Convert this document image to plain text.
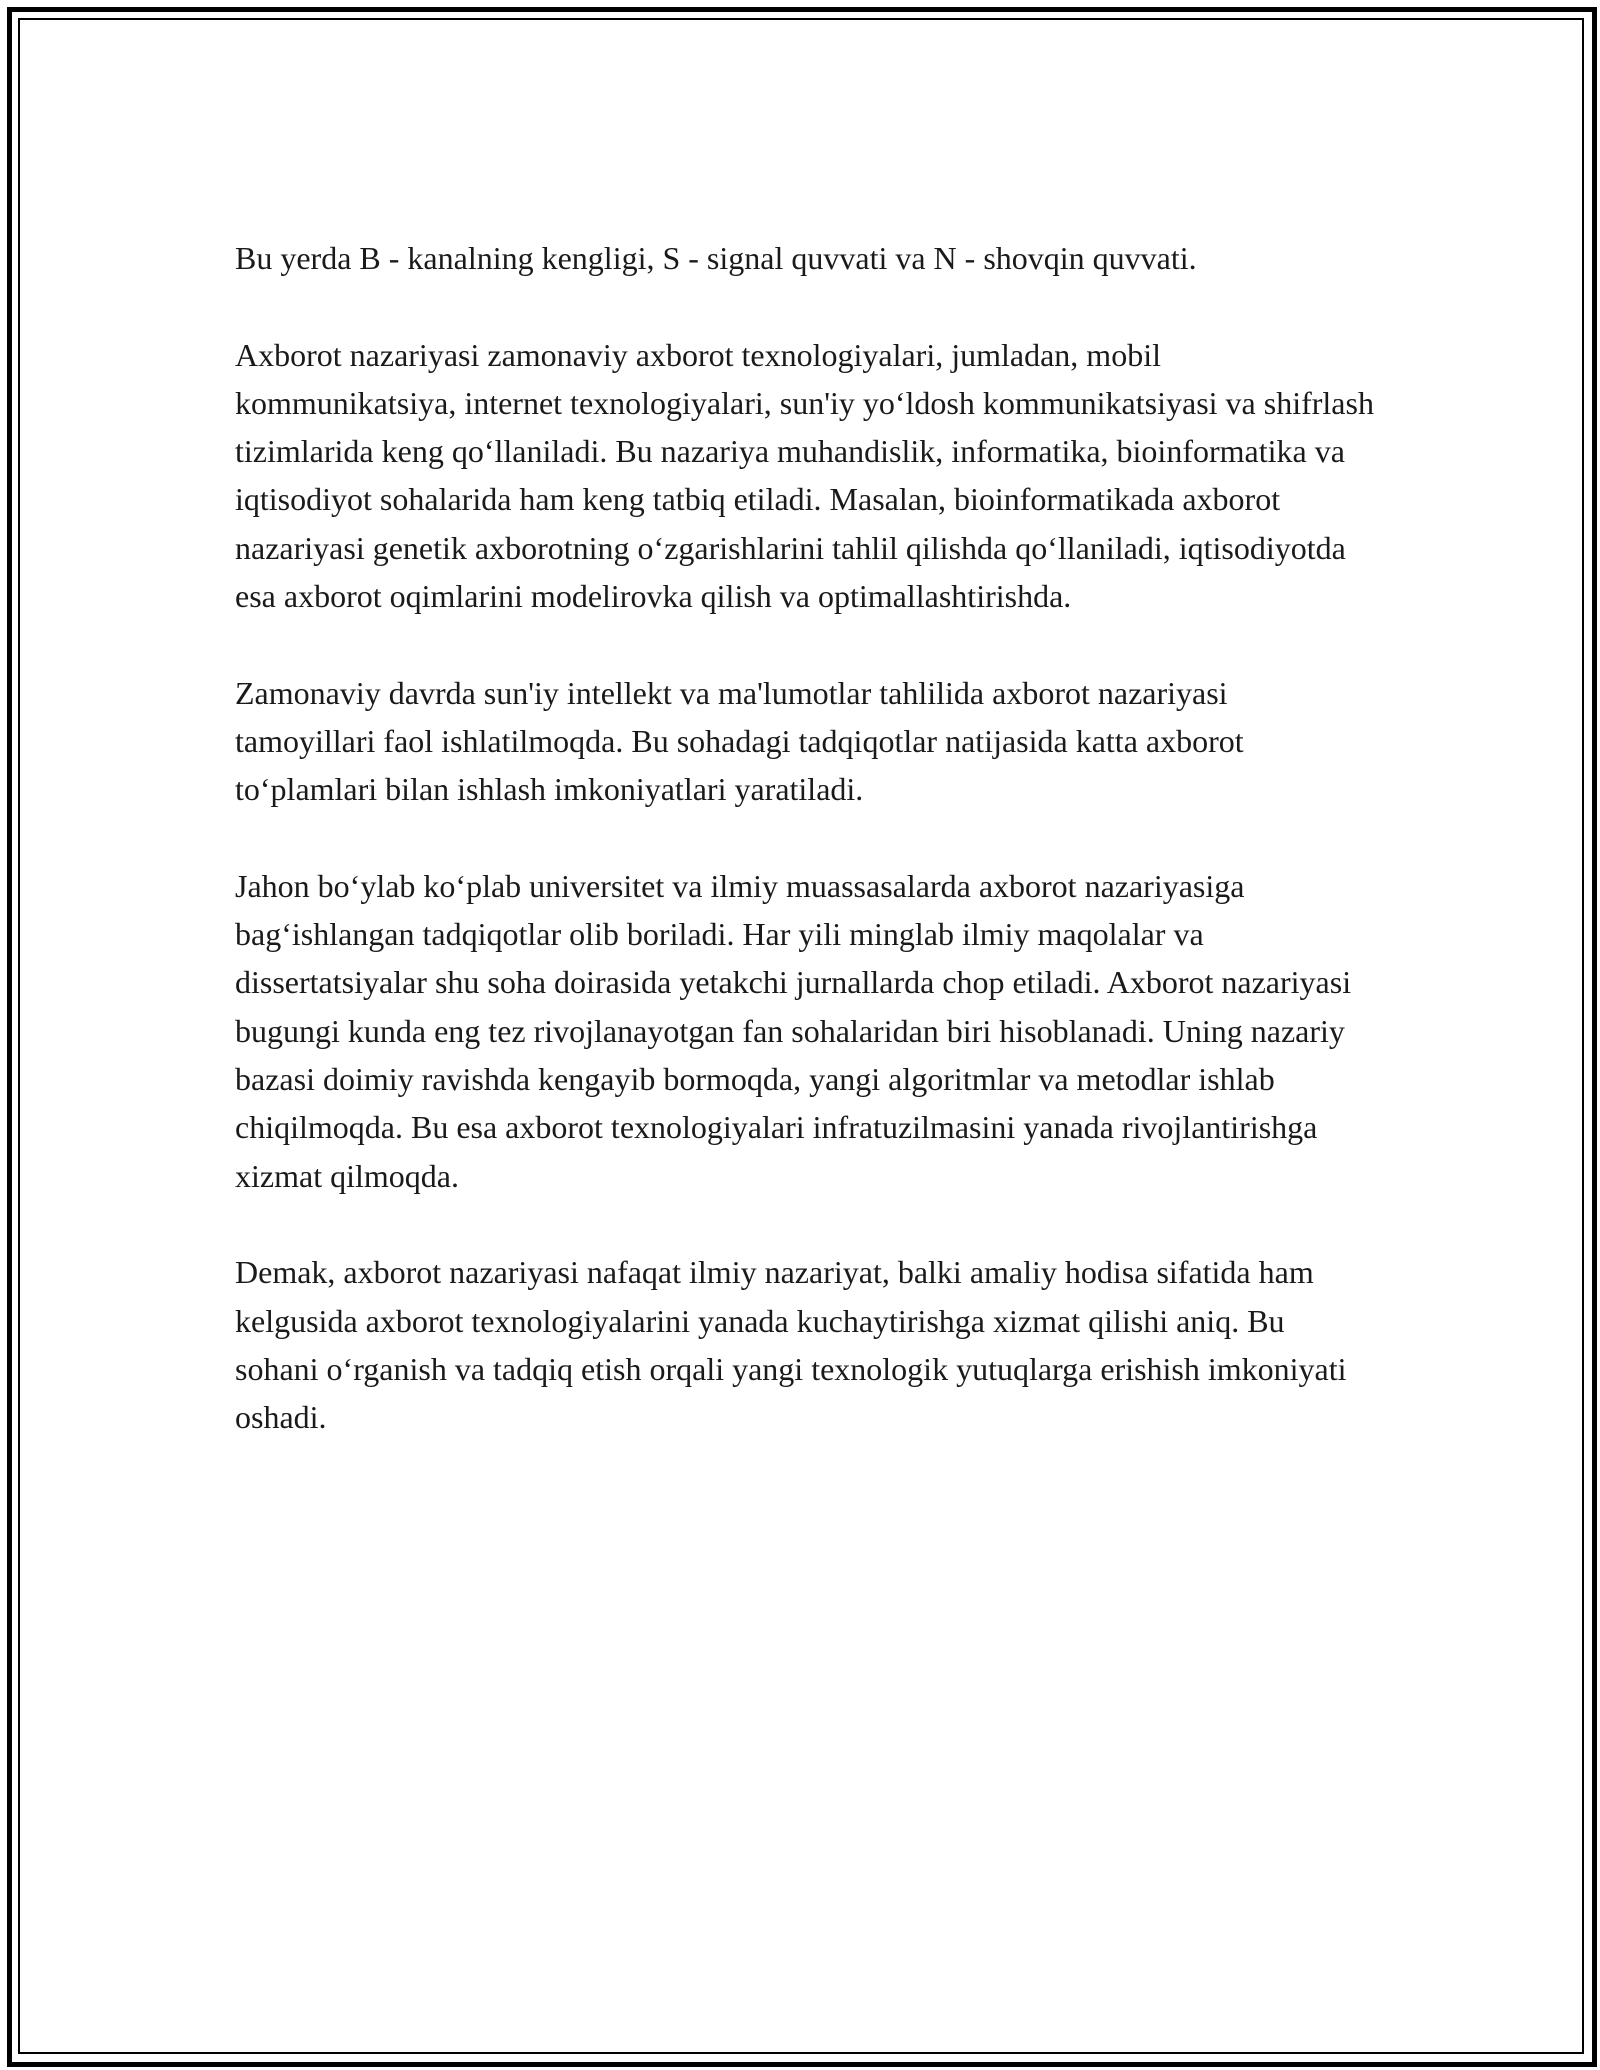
Bu yerda B - kanalning kengligi, S - signal quvvati va N - shovqin quvvati.

Axborot nazariyasi zamonaviy axborot texnologiyalari, jumladan, mobil kommunikatsiya, internet texnologiyalari, sun'iy yo‘ldosh kommunikatsiyasi va shifrlash tizimlarida keng qo‘llaniladi. Bu nazariya muhandislik, informatika, bioinformatika va iqtisodiyot sohalarida ham keng tatbiq etiladi. Masalan, bioinformatikada axborot nazariyasi genetik axborotning o‘zgarishlarini tahlil qilishda qo‘llaniladi, iqtisodiyotda esa axborot oqimlarini modelirovka qilish va optimallashtirishda.

Zamonaviy davrda sun'iy intellekt va ma'lumotlar tahlilida axborot nazariyasi tamoyillari faol ishlatilmoqda. Bu sohadagi tadqiqotlar natijasida katta axborot to‘plamlari bilan ishlash imkoniyatlari yaratiladi.

Jahon bo‘ylab ko‘plab universitet va ilmiy muassasalarda axborot nazariyasiga bag‘ishlangan tadqiqotlar olib boriladi. Har yili minglab ilmiy maqolalar va dissertatsiyalar shu soha doirasida yetakchi jurnallarda chop etiladi. Axborot nazariyasi bugungi kunda eng tez rivojlanayotgan fan sohalaridan biri hisoblanadi. Uning nazariy bazasi doimiy ravishda kengayib bormoqda, yangi algoritmlar va metodlar ishlab chiqilmoqda. Bu esa axborot texnologiyalari infratuzilmasini yanada rivojlantirishga xizmat qilmoqda.

Demak, axborot nazariyasi nafaqat ilmiy nazariyat, balki amaliy hodisa sifatida ham kelgusida axborot texnologiyalarini yanada kuchaytirishga xizmat qilishi aniq. Bu sohani o‘rganish va tadqiq etish orqali yangi texnologik yutuqlarga erishish imkoniyati oshadi.
